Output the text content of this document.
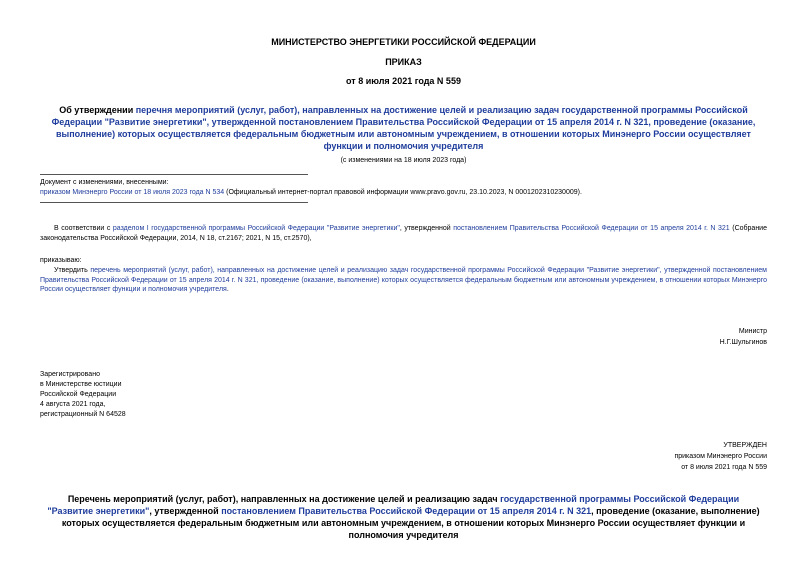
МИНИСТЕРСТВО ЭНЕРГЕТИКИ РОССИЙСКОЙ ФЕДЕРАЦИИ
ПРИКАЗ
от 8 июля 2021 года N 559
Об утверждении перечня мероприятий (услуг, работ), направленных на достижение целей и реализацию задач государственной программы Российской Федерации "Развитие энергетики", утвержденной постановлением Правительства Российской Федерации от 15 апреля 2014 г. N 321, проведение (оказание, выполнение) которых осуществляется федеральным бюджетным или автономным учреждением, в отношении которых Минэнерго России осуществляет функции и полномочия учредителя
(с изменениями на 18 июля 2023 года)
Документ с изменениями, внесенными:
приказом Минэнерго России от 18 июля 2023 года N 534 (Официальный интернет-портал правовой информации www.pravo.gov.ru, 23.10.2023, N 0001202310230009).
В соответствии с разделом I государственной программы Российской Федерации "Развитие энергетики", утвержденной постановлением Правительства Российской Федерации от 15 апреля 2014 г. N 321 (Собрание законодательства Российской Федерации, 2014, N 18, ст.2167; 2021, N 15, ст.2570),
приказываю:
Утвердить перечень мероприятий (услуг, работ), направленных на достижение целей и реализацию задач государственной программы Российской Федерации "Развитие энергетики", утвержденной постановлением Правительства Российской Федерации от 15 апреля 2014 г. N 321, проведение (оказание, выполнение) которых осуществляется федеральным бюджетным или автономным учреждением, в отношении которых Минэнерго России осуществляет функции и полномочия учредителя.
Министр
Н.Г.Шульгинов
Зарегистрировано
в Министерстве юстиции
Российской Федерации
4 августа 2021 года,
регистрационный N 64528
УТВЕРЖДЕН
приказом Минэнерго России
от 8 июля 2021 года N 559
Перечень мероприятий (услуг, работ), направленных на достижение целей и реализацию задач государственной программы Российской Федерации "Развитие энергетики", утвержденной постановлением Правительства Российской Федерации от 15 апреля 2014 г. N 321, проведение (оказание, выполнение) которых осуществляется федеральным бюджетным или автономным учреждением, в отношении которых Минэнерго России осуществляет функции и полномочия учредителя
